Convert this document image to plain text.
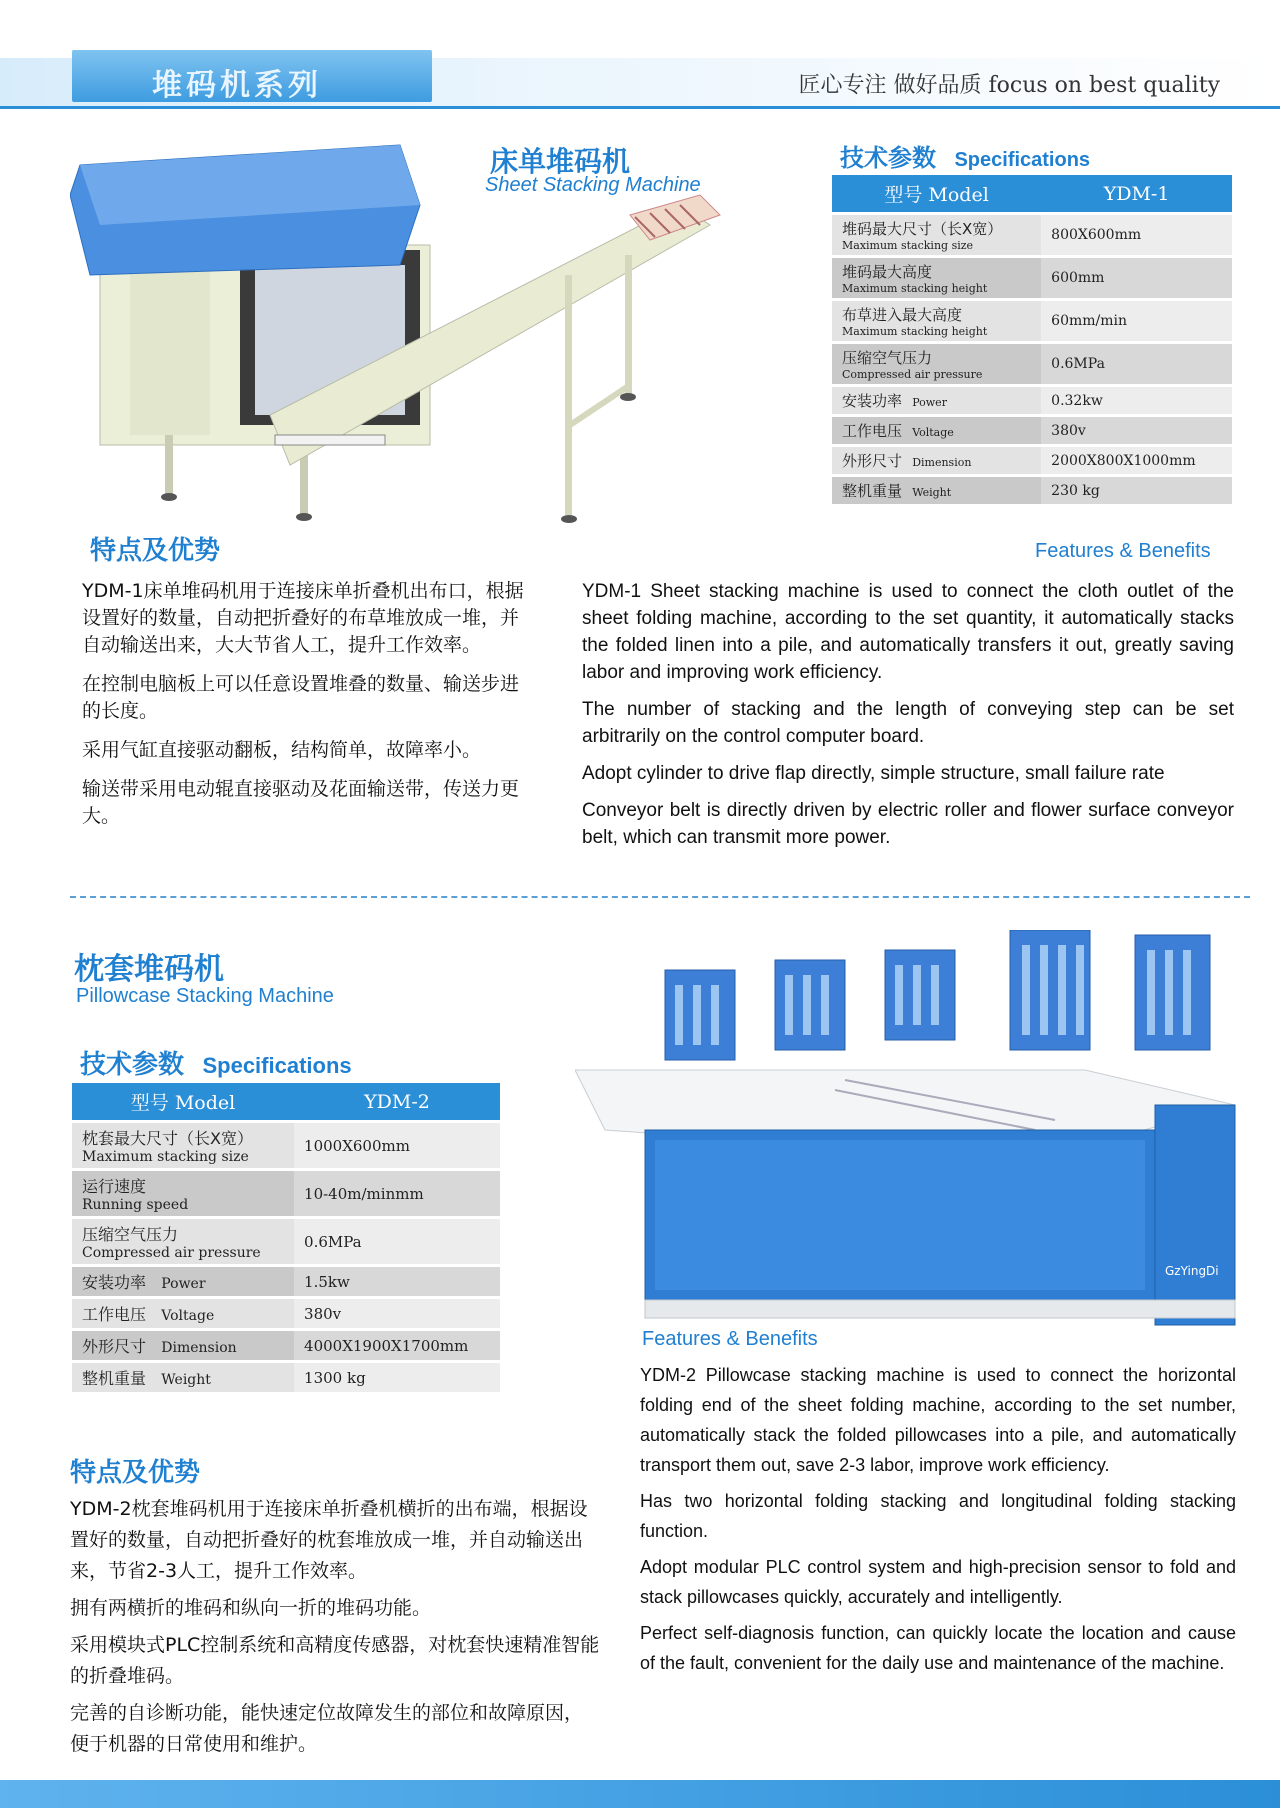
堆码机系列	匠心专注 做好品质 focus on best quality
床单堆码机
Sheet Stacking Machine
技术参数 Specifications
型号 Model	YDM-1

堆码最大尺寸（长X宽）
Maximum stacking size	800X600mm

堆码最大高度
Maximum stacking height	600mm

布草进入最大高度
Maximum stacking height	60mm/min

压缩空气压力
Compressed air pressure	0.6MPa
安装功率 Power	0.32kw
工作电压 Voltage	380v
外形尺寸 Dimension	2000X800X1000mm
整机重量 Weight	230 kg
特点及优势	Features & Benefits

YDM-1床单堆码机用于连接床单折叠机出布口，根据设置好的数量，自动把折叠好的布草堆放成一堆，并自动输送出来，大大节省人工，提升工作效率。

在控制电脑板上可以任意设置堆叠的数量、输送步进的长度。

采用气缸直接驱动翻板，结构简单，故障率小。

输送带采用电动辊直接驱动及花面输送带，传送力更大。

YDM-1 Sheet stacking machine is used to connect the cloth outlet of the sheet folding machine, according to the set quantity, it automatically stacks the folded linen into a pile, and automatically transfers it out, greatly saving labor and improving work efficiency.

The number of stacking and the length of conveying step can be set arbitrarily on the control computer board.

Adopt cylinder to drive flap directly, simple structure, small failure rate

Conveyor belt is directly driven by electric roller and flower surface conveyor belt, which can transmit more power.

枕套堆码机
Pillowcase Stacking Machine
技术参数 Specifications
型号 Model	YDM-2

枕套最大尺寸（长X宽）
Maximum stacking size	1000X600mm

运行速度
Running speed	10-40m/minmm

压缩空气压力
Compressed air pressure	0.6MPa
安装功率 Power	1.5kw
工作电压 Voltage	380v
外形尺寸 Dimension	4000X1900X1700mm
整机重量 Weight	1300 kg
GzYingDi
Features & Benefits

YDM-2 Pillowcase stacking machine is used to connect the horizontal folding end of the sheet folding machine, according to the set number, automatically stack the folded pillowcases into a pile, and automatically transport them out, save 2-3 labor, improve work efficiency.

Has two horizontal folding stacking and longitudinal folding stacking function.

Adopt modular PLC control system and high-precision sensor to fold and stack pillowcases quickly, accurately and intelligently.

Perfect self-diagnosis function, can quickly locate the location and cause of the fault, convenient for the daily use and maintenance of the machine.

特点及优势

YDM-2枕套堆码机用于连接床单折叠机横折的出布端，根据设置好的数量，自动把折叠好的枕套堆放成一堆，并自动输送出来，节省2-3人工，提升工作效率。

拥有两横折的堆码和纵向一折的堆码功能。

采用模块式PLC控制系统和高精度传感器，对枕套快速精准智能的折叠堆码。

完善的自诊断功能，能快速定位故障发生的部位和故障原因，便于机器的日常使用和维护。
